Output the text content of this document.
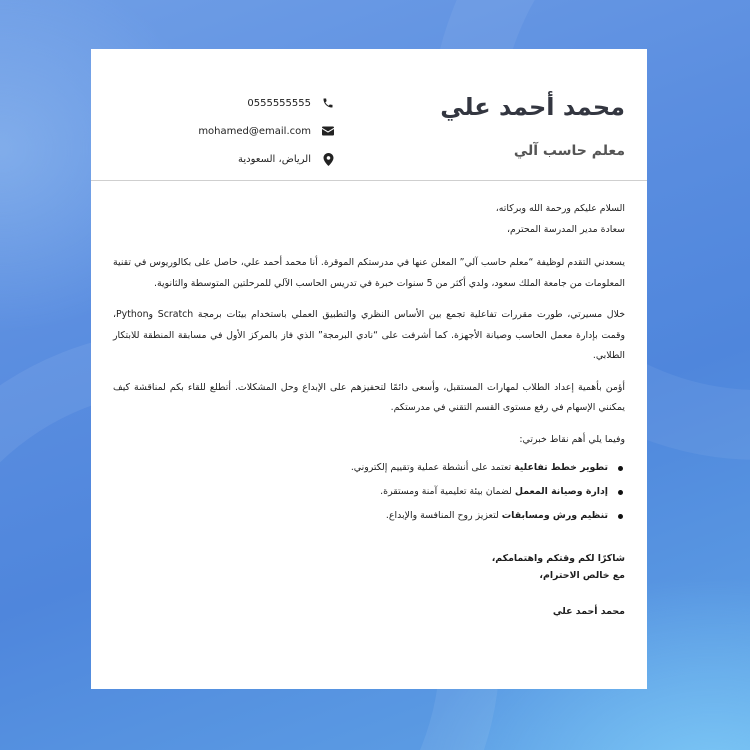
محمد أحمد علي
معلم حاسب آلي
0555555555
mohamed@email.com
الرياض، السعودية

السلام عليكم ورحمة الله وبركاته،
سعادة مدير المدرسة المحترم،

يسعدني التقدم لوظيفة “معلم حاسب آلي” المعلن عنها في مدرستكم الموقرة. أنا محمد أحمد علي، حاصل على بكالوريوس في تقنية المعلومات من جامعة الملك سعود، ولدي أكثر من 5 سنوات خبرة في تدريس الحاسب الآلي للمرحلتين المتوسطة والثانوية.

خلال مسيرتي، طورت مقررات تفاعلية تجمع بين الأساس النظري والتطبيق العملي باستخدام بيئات برمجة Scratch وPython، وقمت بإدارة معمل الحاسب وصيانة الأجهزة. كما أشرفت على “نادي البرمجة” الذي فاز بالمركز الأول في مسابقة المنطقة للابتكار الطلابي.

أؤمن بأهمية إعداد الطلاب لمهارات المستقبل، وأسعى دائمًا لتحفيزهم على الإبداع وحل المشكلات. أتطلع للقاء بكم لمناقشة كيف يمكنني الإسهام في رفع مستوى القسم التقني في مدرستكم.

وفيما يلي أهم نقاط خبرتي:

تطوير خطط تفاعلية تعتمد على أنشطة عملية وتقييم إلكتروني.
إدارة وصيانة المعمل لضمان بيئة تعليمية آمنة ومستقرة.
تنظيم ورش ومسابقات لتعزيز روح المنافسة والإبداع.

شاكرًا لكم وقتكم واهتمامكم،
مع خالص الاحترام،

محمد أحمد علي
